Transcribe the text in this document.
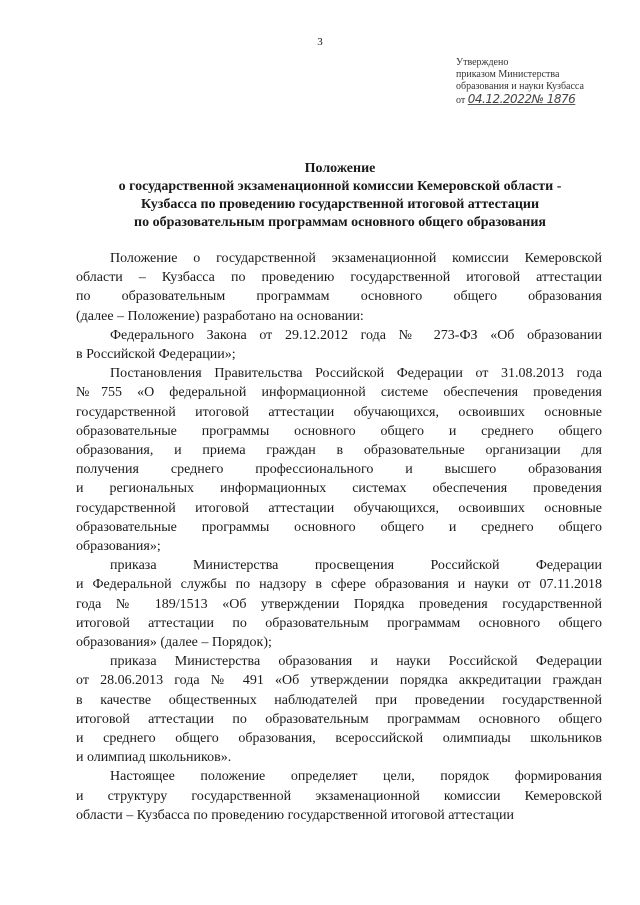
3
Утверждено
приказом Министерства
образования и науки Кузбасса
от 04.12.2022№ 1876
Положение
о государственной экзаменационной комиссии Кемеровской области -
Кузбасса по проведению государственной итоговой аттестации
по образовательным программам основного общего образования
Положение о государственной экзаменационной комиссии Кемеровской
области – Кузбасса по проведению государственной итоговой аттестации
по образовательным программам основного общего образования
(далее – Положение) разработано на основании:
Федерального Закона от 29.12.2012 года № 273-ФЗ «Об образовании
в Российской Федерации»;
Постановления Правительства Российской Федерации от 31.08.2013 года
№755 «О федеральной информационной системе обеспечения проведения
государственной итоговой аттестации обучающихся, освоивших основные
образовательные программы основного общего и среднего общего
образования, и приема граждан в образовательные организации для
получения среднего профессионального и высшего образования
и региональных информационных системах обеспечения проведения
государственной итоговой аттестации обучающихся, освоивших основные
образовательные программы основного общего и среднего общего
образования»;
приказа Министерства просвещения Российской Федерации
и Федеральной службы по надзору в сфере образования и науки от 07.11.2018
года № 189/1513 «Об утверждении Порядка проведения государственной
итоговой аттестации по образовательным программам основного общего
образования» (далее – Порядок);
приказа Министерства образования и науки Российской Федерации
от 28.06.2013 года № 491 «Об утверждении порядка аккредитации граждан
в качестве общественных наблюдателей при проведении государственной
итоговой аттестации по образовательным программам основного общего
и среднего общего образования, всероссийской олимпиады школьников
и олимпиад школьников».
Настоящее положение определяет цели, порядок формирования
и структуру государственной экзаменационной комиссии Кемеровской
области – Кузбасса по проведению государственной итоговой аттестации
